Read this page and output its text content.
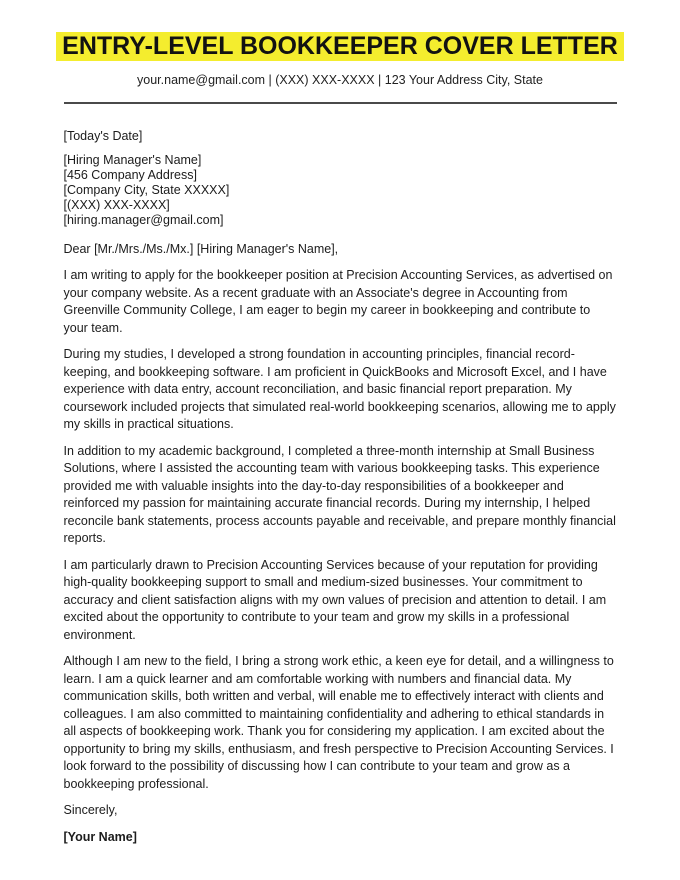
ENTRY-LEVEL BOOKKEEPER COVER LETTER
your.name@gmail.com | (XXX) XXX-XXXX | 123 Your Address City, State
[Today's Date]
[Hiring Manager's Name]
[456 Company Address]
[Company City, State XXXXX]
[(XXX) XXX-XXXX]
[hiring.manager@gmail.com]
Dear [Mr./Mrs./Ms./Mx.] [Hiring Manager's Name],

I am writing to apply for the bookkeeper position at Precision Accounting Services, as advertised on your company website. As a recent graduate with an Associate's degree in Accounting from Greenville Community College, I am eager to begin my career in bookkeeping and contribute to your team.

During my studies, I developed a strong foundation in accounting principles, financial record-keeping, and bookkeeping software. I am proficient in QuickBooks and Microsoft Excel, and I have experience with data entry, account reconciliation, and basic financial report preparation. My coursework included projects that simulated real-world bookkeeping scenarios, allowing me to apply my skills in practical situations.

In addition to my academic background, I completed a three-month internship at Small Business Solutions, where I assisted the accounting team with various bookkeeping tasks. This experience provided me with valuable insights into the day-to-day responsibilities of a bookkeeper and reinforced my passion for maintaining accurate financial records. During my internship, I helped reconcile bank statements, process accounts payable and receivable, and prepare monthly financial reports.

I am particularly drawn to Precision Accounting Services because of your reputation for providing high-quality bookkeeping support to small and medium-sized businesses. Your commitment to accuracy and client satisfaction aligns with my own values of precision and attention to detail. I am excited about the opportunity to contribute to your team and grow my skills in a professional environment.

Although I am new to the field, I bring a strong work ethic, a keen eye for detail, and a willingness to learn. I am a quick learner and am comfortable working with numbers and financial data. My communication skills, both written and verbal, will enable me to effectively interact with clients and colleagues. I am also committed to maintaining confidentiality and adhering to ethical standards in all aspects of bookkeeping work. Thank you for considering my application. I am excited about the opportunity to bring my skills, enthusiasm, and fresh perspective to Precision Accounting Services. I look forward to the possibility of discussing how I can contribute to your team and grow as a bookkeeping professional.

Sincerely,
[Your Name]
